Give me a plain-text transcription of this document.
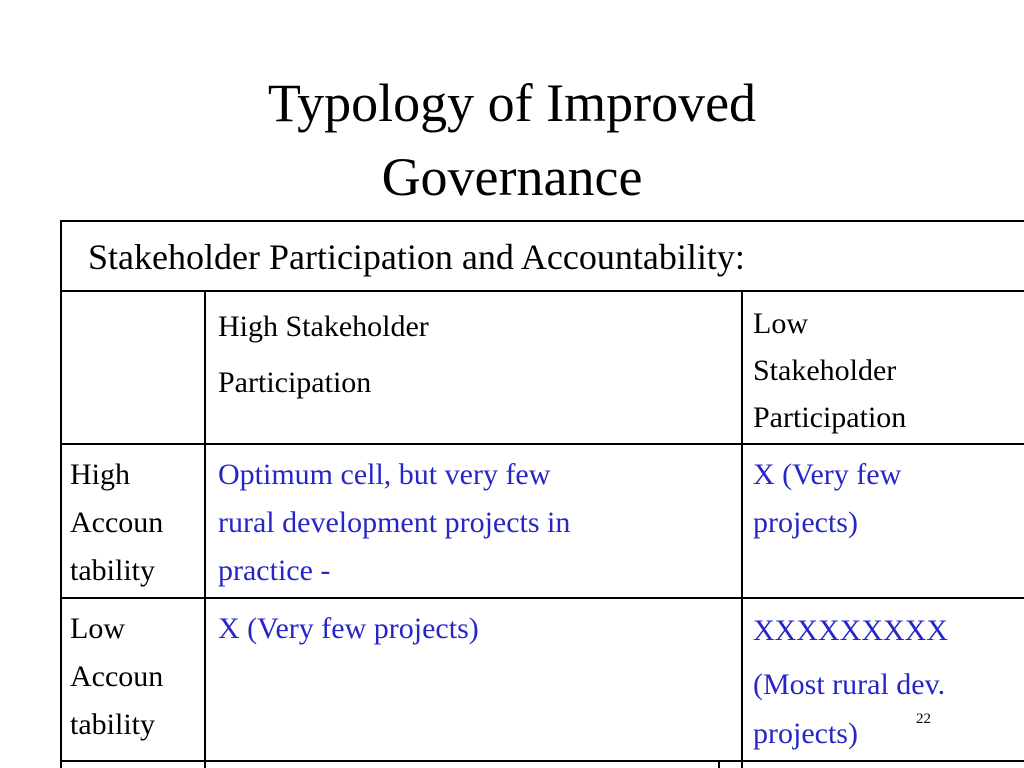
Typology of Improved
Governance
Stakeholder Participation and Accountability:
High Stakeholder
Participation
Low
Stakeholder
Participation
High
Accoun
tability
Optimum cell, but very few
rural development projects in
practice -
X (Very few
projects)
Low
Accoun
tability
X (Very few projects)	XXXXXXXXX
(Most rural dev.
projects)	22
